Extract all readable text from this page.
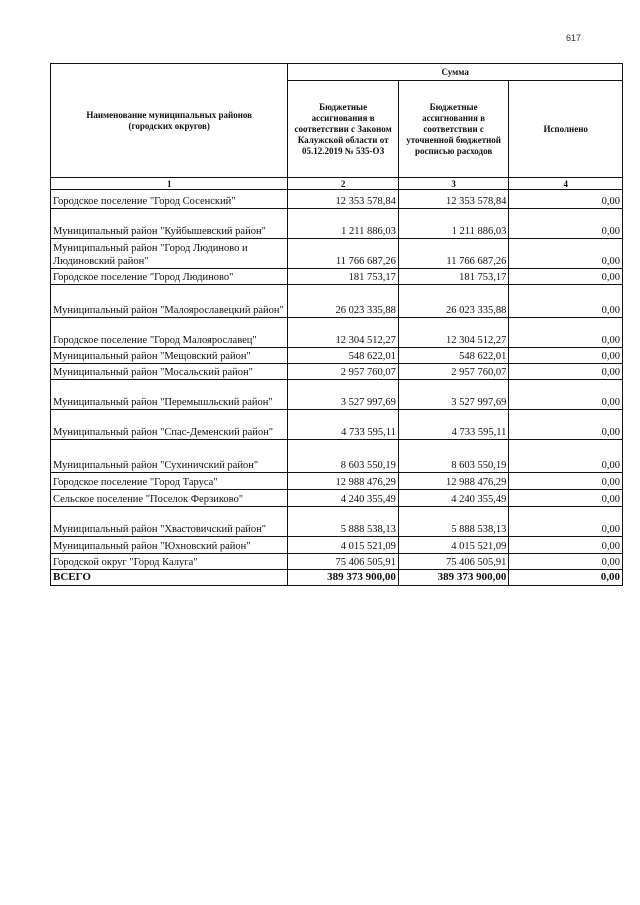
617
Наименование муниципальных районов (городских округов)	Сумма		
	Бюджетные ассигнования в соответствии с Законом Калужской области от 05.12.2019 № 535-ОЗ	Бюджетные ассигнования в соответствии с уточненной бюджетной росписью расходов	Исполнено
1	2	3	4
Городское поселение "Город Сосенский"	12 353 578,84	12 353 578,84	0,00
Муниципальный район "Куйбышевский район"	1 211 886,03	1 211 886,03	0,00
Муниципальный район "Город Людиново и Людиновский район"	11 766 687,26	11 766 687,26	0,00
Городское поселение "Город Людиново"	181 753,17	181 753,17	0,00
Муниципальный район "Малоярославецкий район"	26 023 335,88	26 023 335,88	0,00
Городское поселение "Город Малоярославец"	12 304 512,27	12 304 512,27	0,00
Муниципальный район "Мещовский район"	548 622,01	548 622,01	0,00
Муниципальный район "Мосальский район"	2 957 760,07	2 957 760,07	0,00
Муниципальный район "Перемышльский район"	3 527 997,69	3 527 997,69	0,00
Муниципальный район "Спас-Деменский район"	4 733 595,11	4 733 595,11	0,00
Муниципальный район "Сухиничский район"	8 603 550,19	8 603 550,19	0,00
Городское поселение "Город Таруса"	12 988 476,29	12 988 476,29	0,00
Сельское поселение "Поселок Ферзиково"	4 240 355,49	4 240 355,49	0,00
Муниципальный район "Хвастовичский район"	5 888 538,13	5 888 538,13	0,00
Муниципальный район "Юхновский район"	4 015 521,09	4 015 521,09	0,00
Городской округ "Город Калуга"	75 406 505,91	75 406 505,91	0,00
ВСЕГО	389 373 900,00	389 373 900,00	0,00
